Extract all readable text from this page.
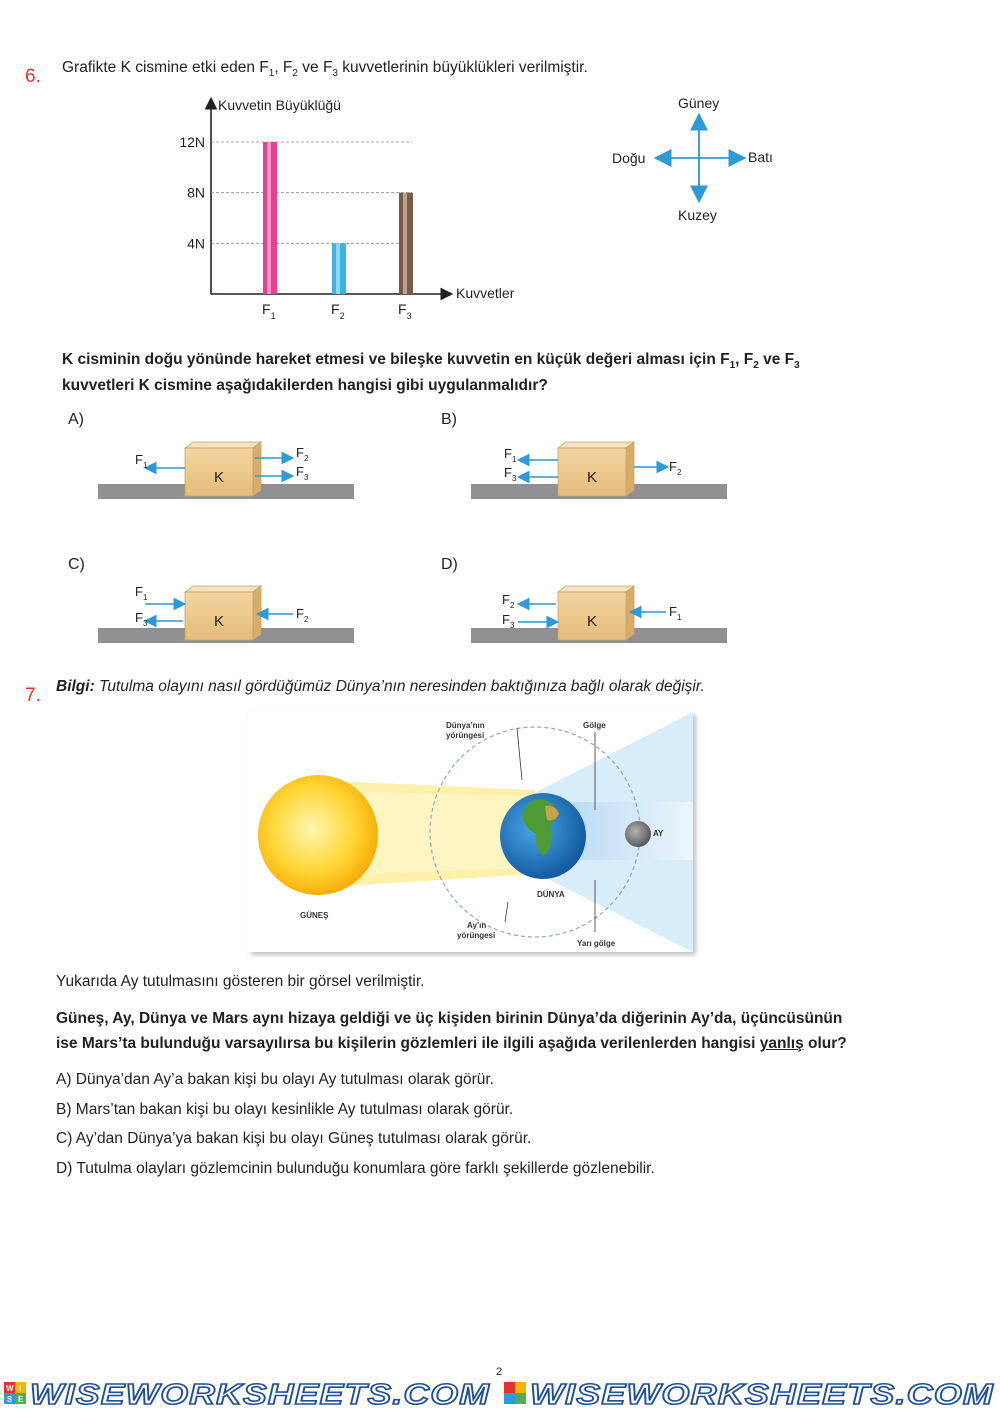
6. Grafikte K cismine etki eden $F_1$, $F_2$ ve $F_3$ kuvvetlerinin büyüklükleri verilmiştir.
Kuvvetin Büyüklüğü
Kuvvetler
4N
8N
12N
$F_1$	$F_2$	$F_3$
Güney
Kuzey
Doğu	Batı
K cisminin doğu yönünde hareket etmesi ve bileşke kuvvetin en küçük değeri alması için $F_1$, $F_2$ ve $F_3$
kuvvetleri K cismine aşağıdakilerden hangisi gibi uygulanmalıdır?
A)	B)
C)	D)
K
$F_1$
$F_2$
$F_3$	K
$F_1$
$F_3$
$F_2$
K
$F_1$
$F_3$
$F_2$	K
$F_2$
$F_3$
$F_1$
7. Bilgi: Tutulma olayını nasıl gördüğümüz Dünya’nın neresinden baktığınıza bağlı olarak değişir.
Dünya’nın
yörüngesi
Gölge
AY
DÜNYA
GÜNEŞ
Ay’ın
yörüngesi
Yarı gölge
Yukarıda Ay tutulmasını gösteren bir görsel verilmiştir.
Güneş, Ay, Dünya ve Mars aynı hizaya geldiği ve üç kişiden birinin Dünya’da diğerinin Ay’da, üçüncüsünün
ise Mars’ta bulunduğu varsayılırsa bu kişilerin gözlemleri ile ilgili aşağıda verilenlerden hangisi yanlış olur?
A) Dünya’dan Ay’a bakan kişi bu olayı Ay tutulması olarak görür.
B) Mars’tan bakan kişi bu olayı kesinlikle Ay tutulması olarak görür.
C) Ay’dan Dünya’ya bakan kişi bu olayı Güneş tutulması olarak görür.
D) Tutulma olayları gözlemcinin bulunduğu konumlara göre farklı şekillerde gözlenebilir.
2
W I
S E WISEWORKSHEETS.COM WISEWORKSHEETS.COM
